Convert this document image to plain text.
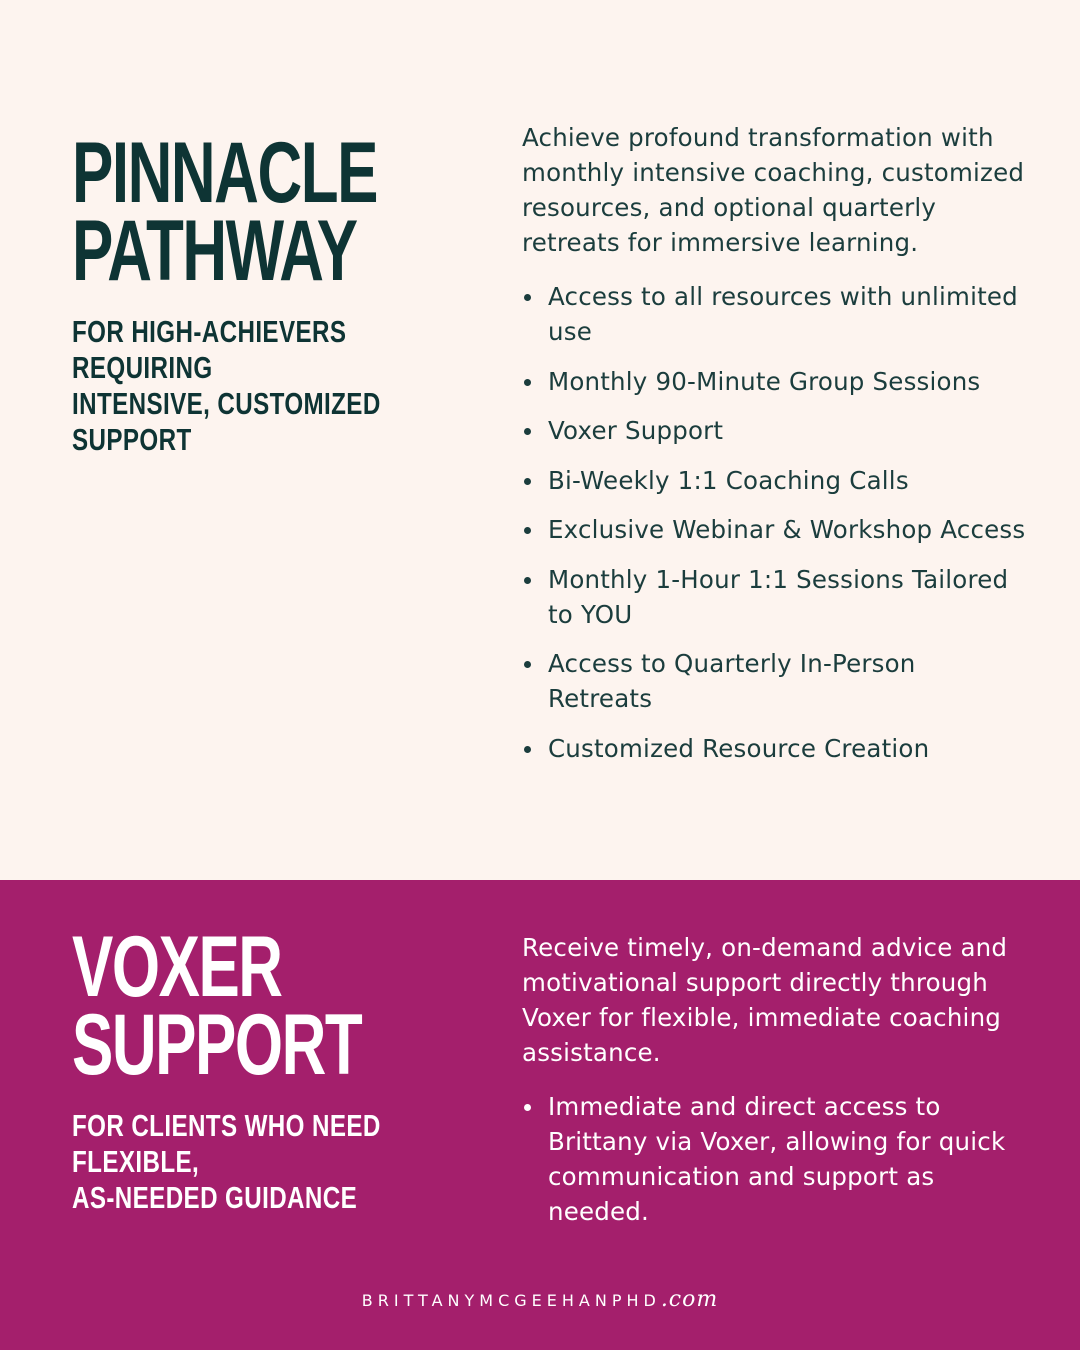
PINNACLE
PATHWAY
FOR HIGH-ACHIEVERS REQUIRING
INTENSIVE, CUSTOMIZED SUPPORT

Achieve profound transformation with monthly intensive coaching, customized resources, and optional quarterly retreats for immersive learning.

Access to all resources with unlimited use
Monthly 90-Minute Group Sessions
Voxer Support
Bi-Weekly 1:1 Coaching Calls
Exclusive Webinar & Workshop Access
Monthly 1-Hour 1:1 Sessions Tailored to YOU
Access to Quarterly In-Person Retreats
Customized Resource Creation
VOXER
SUPPORT
FOR CLIENTS WHO NEED FLEXIBLE,
AS-NEEDED GUIDANCE

Receive timely, on-demand advice and motivational support directly through Voxer for flexible, immediate coaching assistance.

Immediate and direct access to Brittany via Voxer, allowing for quick communication and support as needed.
BRITTANYMCGEEHANPHD.com
